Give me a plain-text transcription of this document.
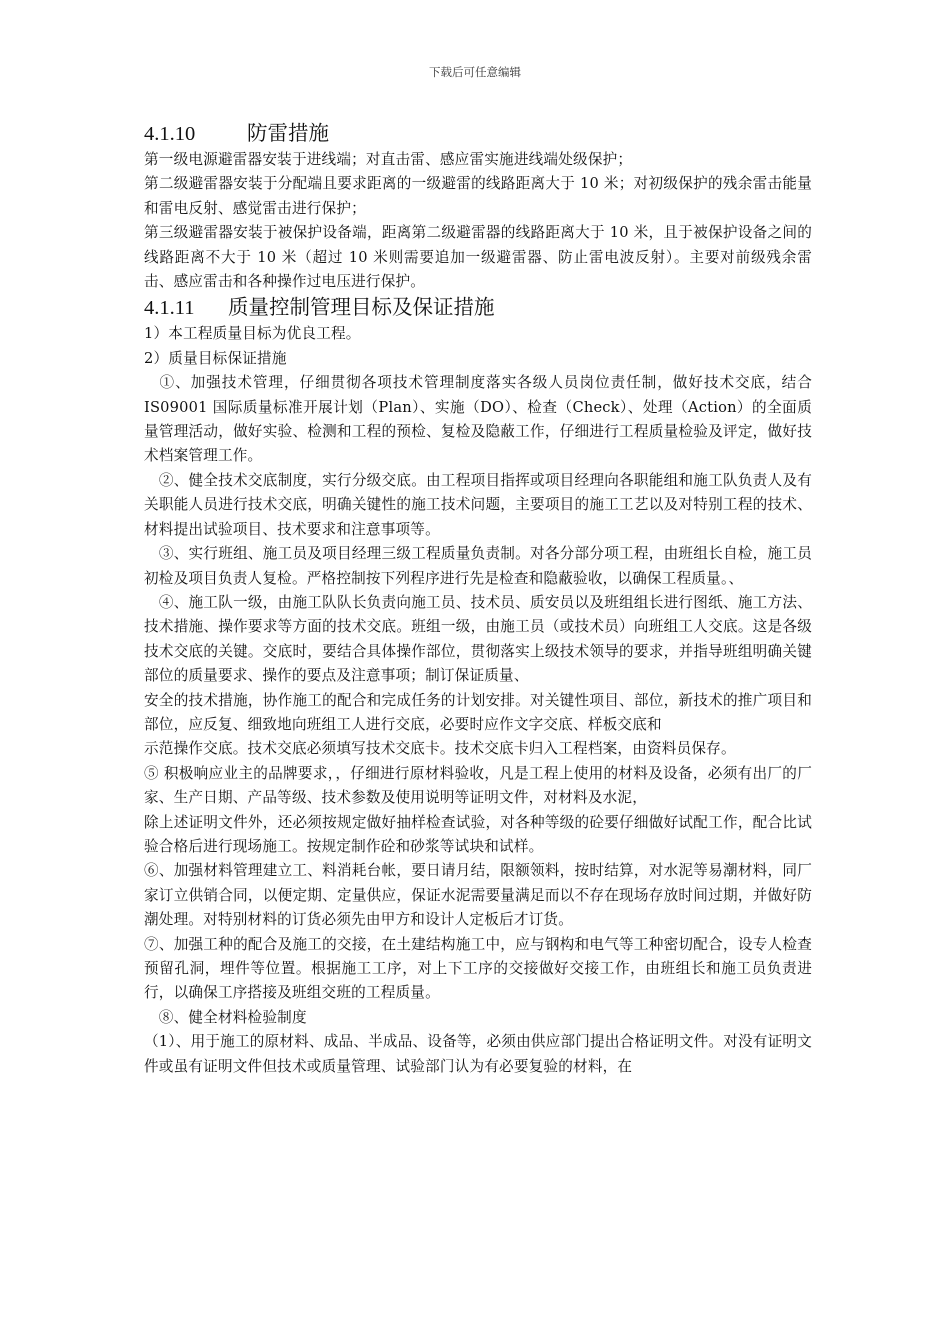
下载后可任意编辑
4.1.10	防雷措施

第一级电源避雷器安装于进线端；对直击雷、感应雷实施进线端处级保护；

第二级避雷器安装于分配端且要求距离的一级避雷的线路距离大于 10 米；对初级保护的残余雷击能量和雷电反射、感觉雷击进行保护；

第三级避雷器安装于被保护设备端，距离第二级避雷器的线路距离大于 10 米，且于被保护设备之间的线路距离不大于 10 米（超过 10 米则需要追加一级避雷器、防止雷电波反射）。主要对前级残余雷击、感应雷击和各种操作过电压进行保护。

4.1.11 质量控制管理目标及保证措施

1）本工程质量目标为优良工程。

2）质量目标保证措施

　①、加强技术管理，仔细贯彻各项技术管理制度落实各级人员岗位责任制，做好技术交底，结合 IS09001 国际质量标准开展计划（Plan）、实施（DO）、检查（Check）、处理（Action）的全面质量管理活动，做好实验、检测和工程的预检、复检及隐蔽工作，仔细进行工程质量检验及评定，做好技术档案管理工作。

　②、健全技术交底制度，实行分级交底。由工程项目指挥或项目经理向各职能组和施工队负责人及有关职能人员进行技术交底，明确关键性的施工技术问题，主要项目的施工工艺以及对特别工程的技术、材料提出试验项目、技术要求和注意事项等。

　③、实行班组、施工员及项目经理三级工程质量负责制。对各分部分项工程，由班组长自检，施工员初检及项目负责人复检。严格控制按下列程序进行先是检查和隐蔽验收，以确保工程质量。、

　④、施工队一级，由施工队队长负责向施工员、技术员、质安员以及班组组长进行图纸、施工方法、技术措施、操作要求等方面的技术交底。班组一级，由施工员（或技术员）向班组工人交底。这是各级技术交底的关键。交底时，要结合具体操作部位，贯彻落实上级技术领导的要求，并指导班组明确关键部位的质量要求、操作的要点及注意事项；制订保证质量、

安全的技术措施，协作施工的配合和完成任务的计划安排。对关键性项目、部位，新技术的推广项目和部位，应反复、细致地向班组工人进行交底，必要时应作文字交底、样板交底和

示范操作交底。技术交底必须填写技术交底卡。技术交底卡归入工程档案，由资料员保存。

⑤ 积极响应业主的品牌要求，，仔细进行原材料验收，凡是工程上使用的材料及设备，必须有出厂的厂家、生产日期、产品等级、技术参数及使用说明等证明文件，对材料及水泥，

除上述证明文件外，还必须按规定做好抽样检查试验，对各种等级的砼要仔细做好试配工作，配合比试验合格后进行现场施工。按规定制作砼和砂浆等试块和试样。

⑥、加强材料管理建立工、料消耗台帐，要日请月结，限额领料，按时结算，对水泥等易潮材料，同厂家订立供销合同，以便定期、定量供应，保证水泥需要量满足而以不存在现场存放时间过期，并做好防潮处理。对特别材料的订货必须先由甲方和设计人定板后才订货。

⑦、加强工种的配合及施工的交接，在土建结构施工中，应与钢构和电气等工种密切配合，设专人检查预留孔洞，埋件等位置。根据施工工序，对上下工序的交接做好交接工作，由班组长和施工员负责进行，以确保工序搭接及班组交班的工程质量。

　⑧、健全材料检验制度

（1）、用于施工的原材料、成品、半成品、设备等，必须由供应部门提出合格证明文件。对没有证明文件或虽有证明文件但技术或质量管理、试验部门认为有必要复验的材料，在
